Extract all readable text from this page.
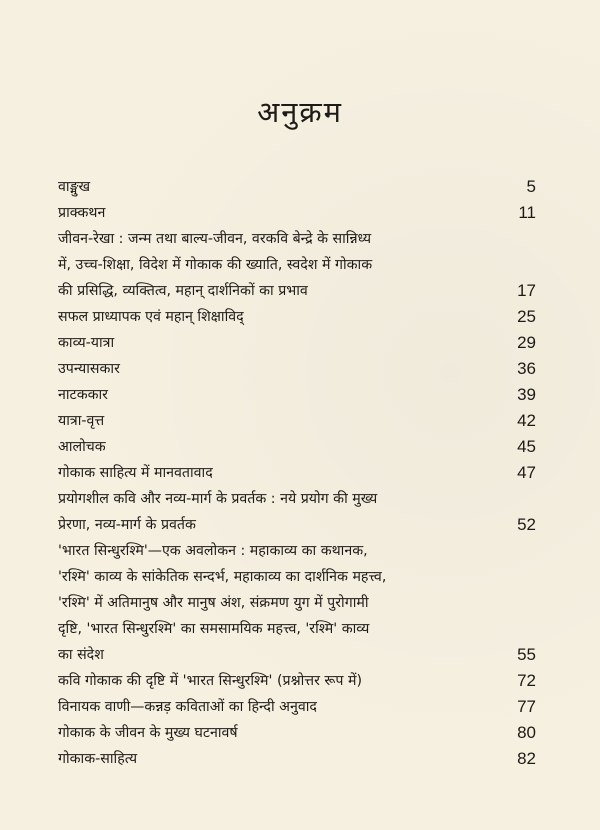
अनुक्रम
वाङ्मुख	5
प्राक्कथन	11
जीवन-रेखा : जन्म तथा बाल्य-जीवन, वरकवि बेन्द्रे के सान्निध्य
में, उच्च-शिक्षा, विदेश में गोकाक की ख्याति, स्वदेश में गोकाक
की प्रसिद्धि, व्यक्तित्व, महान् दार्शनिकों का प्रभाव	17
सफल प्राध्यापक एवं महान् शिक्षाविद्	25
काव्य-यात्रा	29
उपन्यासकार	36
नाटककार	39
यात्रा-वृत्त	42
आलोचक	45
गोकाक साहित्य में मानवतावाद	47
प्रयोगशील कवि और नव्य-मार्ग के प्रवर्तक : नये प्रयोग की मुख्य
प्रेरणा, नव्य-मार्ग के प्रवर्तक	52
'भारत सिन्धुरश्मि'—एक अवलोकन : महाकाव्य का कथानक,
'रश्मि' काव्य के सांकेतिक सन्दर्भ, महाकाव्य का दार्शनिक महत्त्व,
'रश्मि' में अतिमानुष और मानुष अंश, संक्रमण युग में पुरोगामी
दृष्टि, 'भारत सिन्धुरश्मि' का समसामयिक महत्त्व, 'रश्मि' काव्य
का संदेश	55
कवि गोकाक की दृष्टि में 'भारत सिन्धुरश्मि' (प्रश्नोत्तर रूप में)	72
विनायक वाणी—कन्नड़ कविताओं का हिन्दी अनुवाद	77
गोकाक के जीवन के मुख्य घटनावर्ष	80
गोकाक-साहित्य	82
